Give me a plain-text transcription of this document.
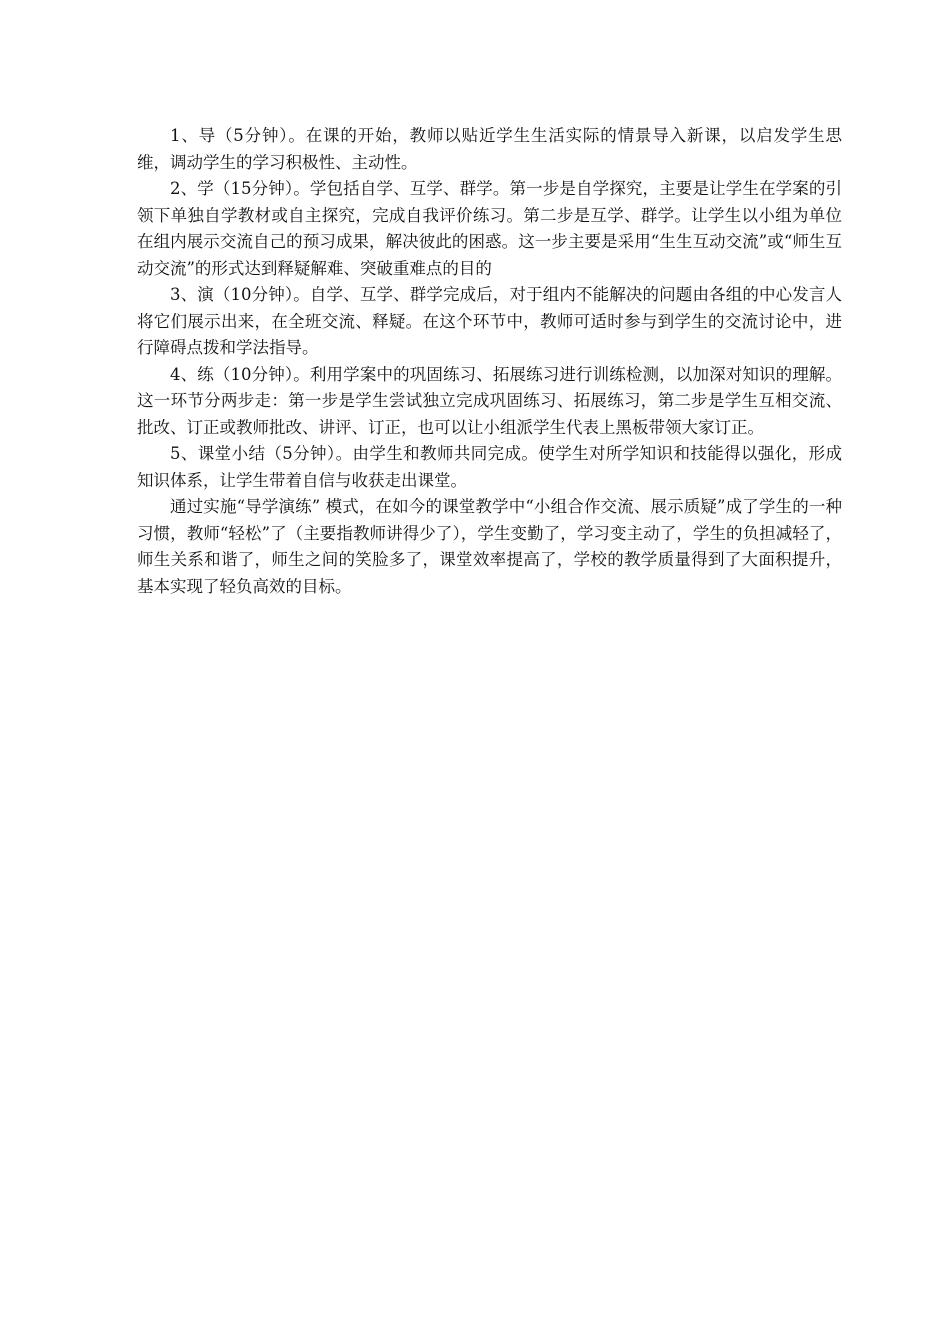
1、导（5分钟）。在课的开始，教师以贴近学生生活实际的情景导入新课，以启发学生思维，调动学生的学习积极性、主动性。

2、学（15分钟）。学包括自学、互学、群学。第一步是自学探究，主要是让学生在学案的引领下单独自学教材或自主探究，完成自我评价练习。第二步是互学、群学。让学生以小组为单位在组内展示交流自己的预习成果，解决彼此的困惑。这一步主要是采用“生生互动交流”或“师生互动交流”的形式达到释疑解难、突破重难点的目的

3、演（10分钟）。自学、互学、群学完成后，对于组内不能解决的问题由各组的中心发言人将它们展示出来，在全班交流、释疑。在这个环节中，教师可适时参与到学生的交流讨论中，进行障碍点拨和学法指导。

4、练（10分钟）。利用学案中的巩固练习、拓展练习进行训练检测，以加深对知识的理解。这一环节分两步走：第一步是学生尝试独立完成巩固练习、拓展练习，第二步是学生互相交流、批改、订正或教师批改、讲评、订正，也可以让小组派学生代表上黑板带领大家订正。

5、课堂小结（5分钟）。由学生和教师共同完成。使学生对所学知识和技能得以强化，形成知识体系，让学生带着自信与收获走出课堂。

通过实施“导学演练” 模式，在如今的课堂教学中“小组合作交流、展示质疑”成了学生的一种习惯，教师“轻松”了（主要指教师讲得少了），学生变勤了，学习变主动了，学生的负担减轻了，师生关系和谐了，师生之间的笑脸多了，课堂效率提高了，学校的教学质量得到了大面积提升，基本实现了轻负高效的目标。
